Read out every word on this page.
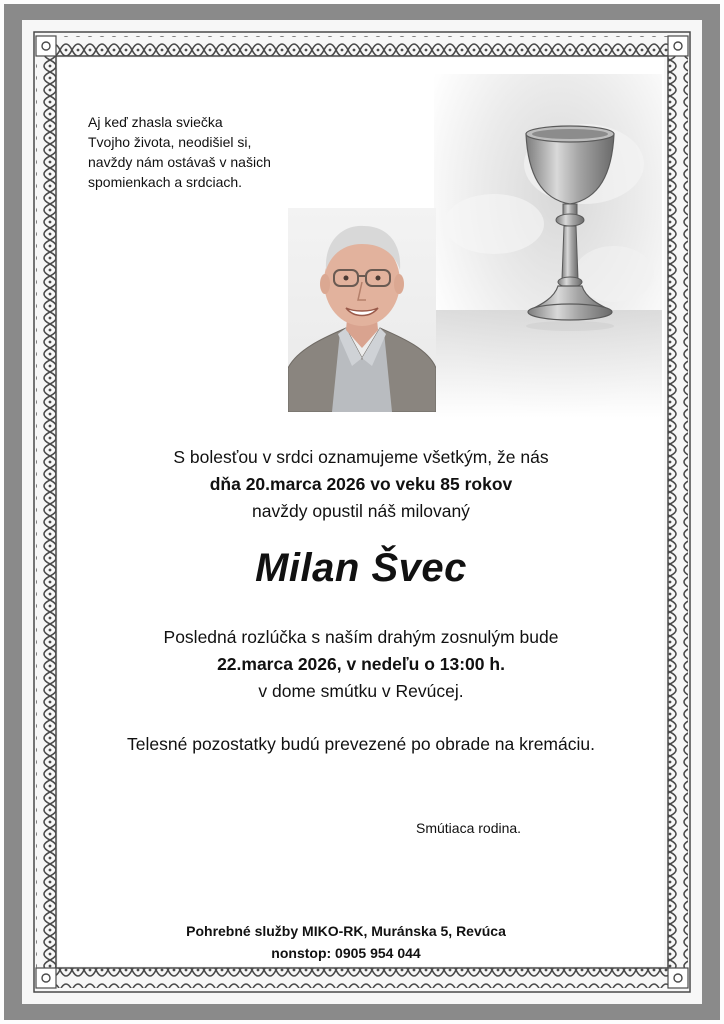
Aj keď zhasla sviečka
Tvojho života, neodišiel si,
navždy nám ostávaš v našich
spomienkach a srdciach.

S bolesťou v srdci oznamujeme všetkým, že nás

dňa 20.marca 2026 vo veku 85 rokov

navždy opustil náš milovaný

Milan Švec

Posledná rozlúčka s naším drahým zosnulým bude

22.marca 2026, v nedeľu o 13:00 h.

v dome smútku v Revúcej.

Telesné pozostatky budú prevezené po obrade na kremáciu.

Smútiaca rodina.

Pohrebné služby MIKO-RK, Muránska 5, Revúca

nonstop: 0905 954 044
